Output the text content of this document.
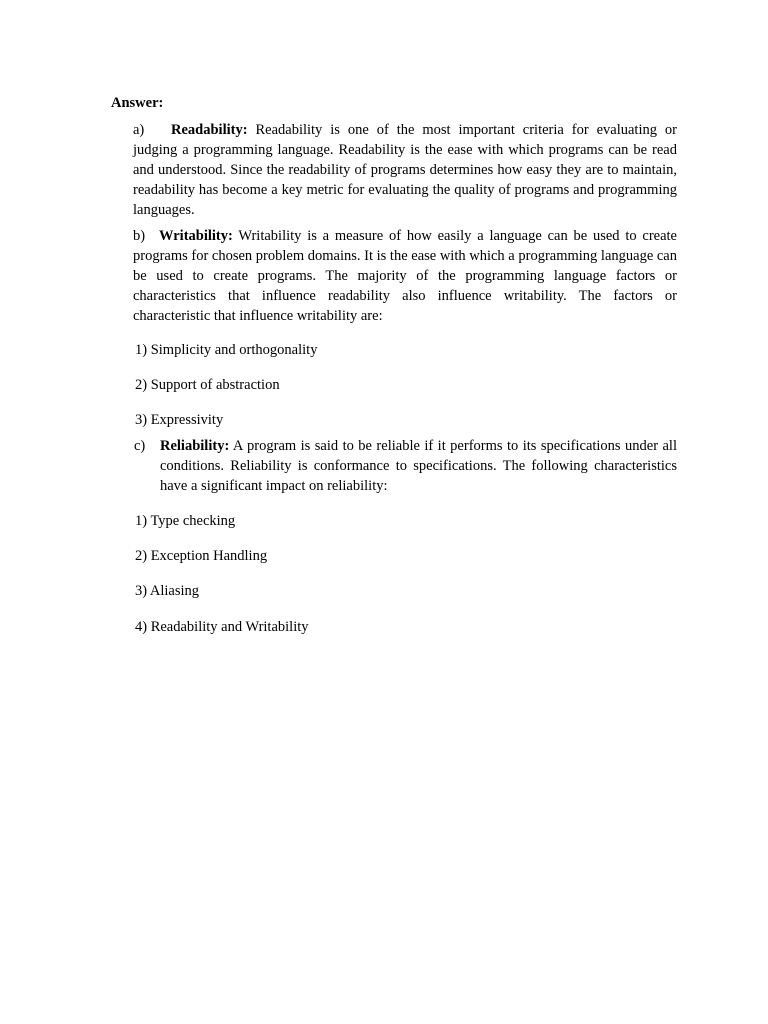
Answer:
a) Readability: Readability is one of the most important criteria for evaluating or judging a programming language. Readability is the ease with which programs can be read and understood. Since the readability of programs determines how easy they are to maintain, readability has become a key metric for evaluating the quality of programs and programming languages.
b) Writability: Writability is a measure of how easily a language can be used to create programs for chosen problem domains. It is the ease with which a programming language can be used to create programs. The majority of the programming language factors or characteristics that influence readability also influence writability. The factors or characteristic that influence writability are:
1) Simplicity and orthogonality
2) Support of abstraction
3) Expressivity
c) Reliability: A program is said to be reliable if it performs to its specifications under all conditions. Reliability is conformance to specifications. The following characteristics have a significant impact on reliability:
1) Type checking
2) Exception Handling
3) Aliasing
4) Readability and Writability
